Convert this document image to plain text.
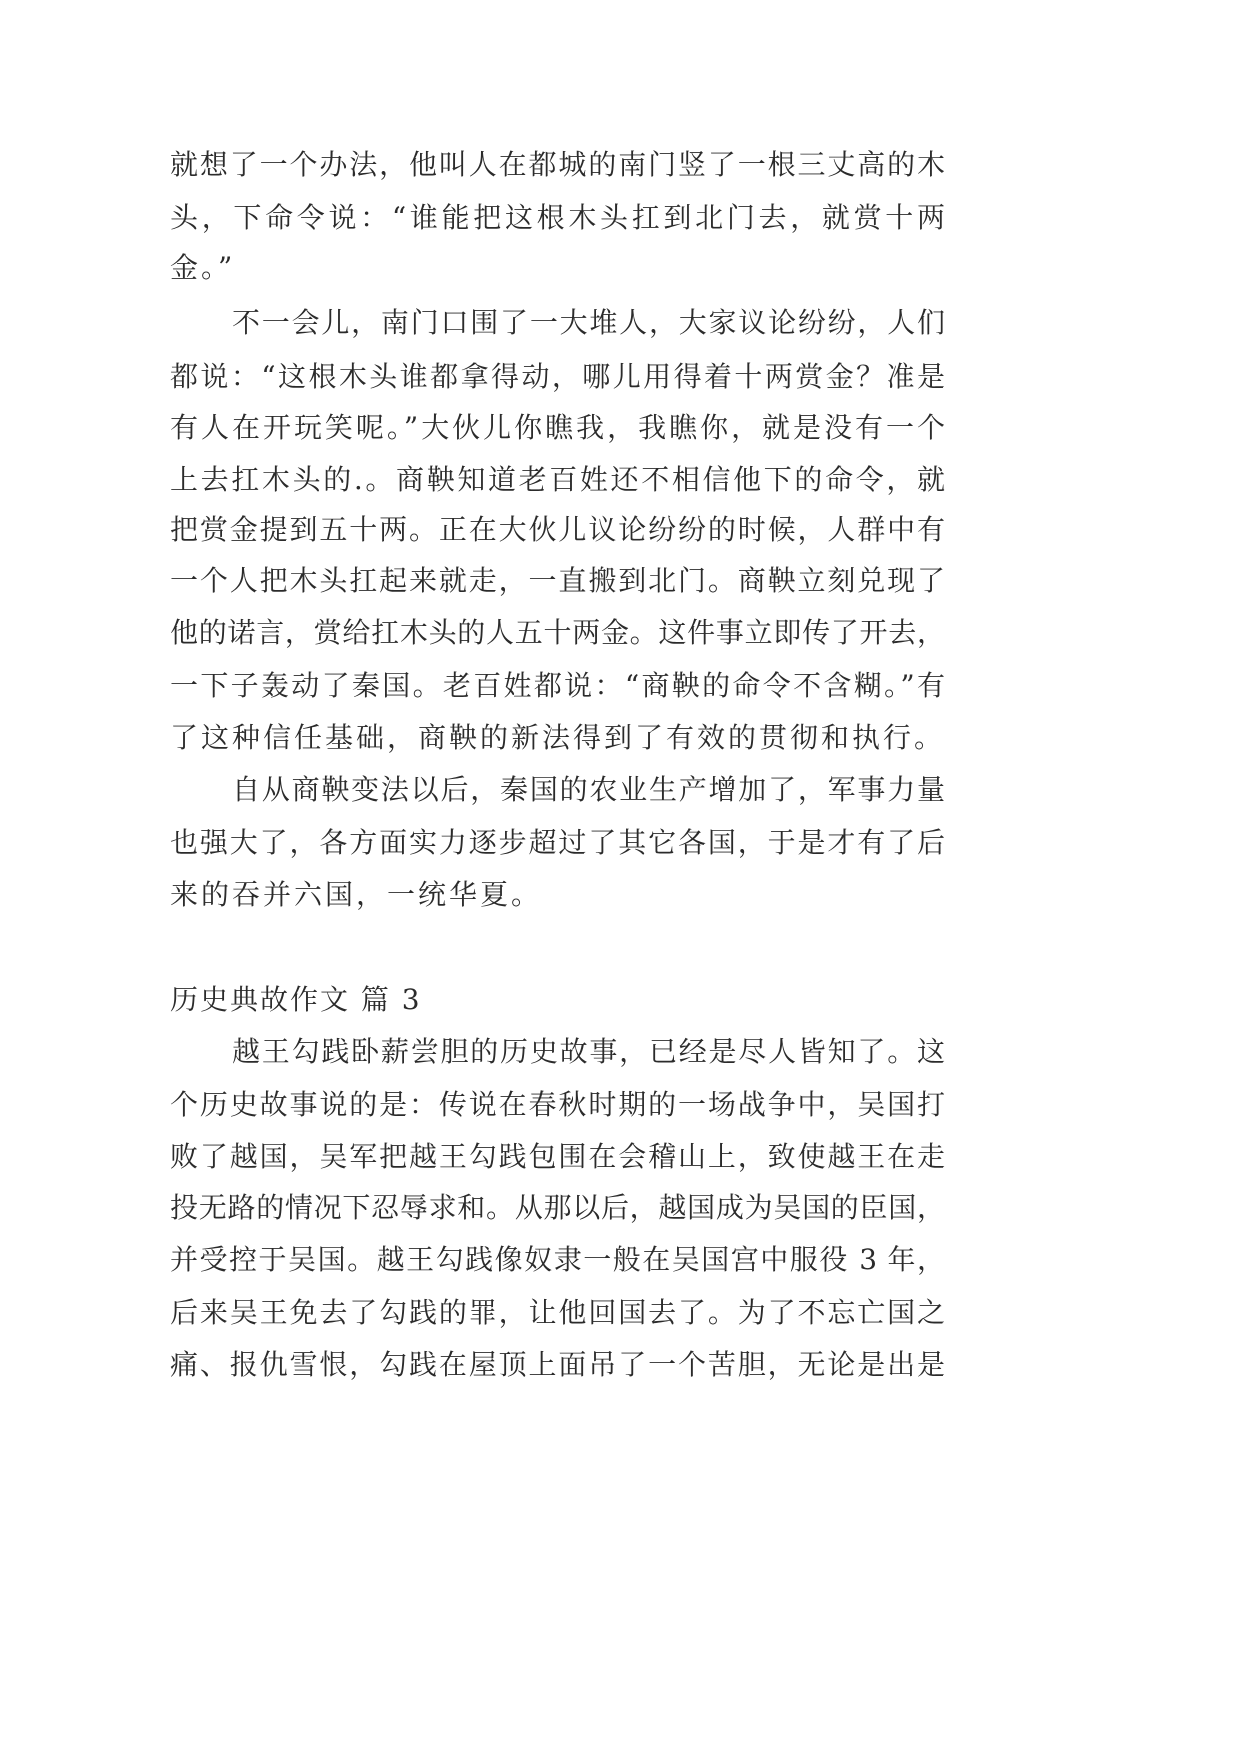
就想了一个办法，他叫人在都城的南门竖了一根三丈高的木
头，下命令说：“谁能把这根木头扛到北门去，就赏十两
金。”
不一会儿，南门口围了一大堆人，大家议论纷纷，人们
都说：“这根木头谁都拿得动，哪儿用得着十两赏金？准是
有人在开玩笑呢。”大伙儿你瞧我，我瞧你，就是没有一个
上去扛木头的.。商鞅知道老百姓还不相信他下的命令，就
把赏金提到五十两。正在大伙儿议论纷纷的时候，人群中有
一个人把木头扛起来就走，一直搬到北门。商鞅立刻兑现了
他的诺言，赏给扛木头的人五十两金。这件事立即传了开去，
一下子轰动了秦国。老百姓都说：“商鞅的命令不含糊。”有
了这种信任基础，商鞅的新法得到了有效的贯彻和执行。
自从商鞅变法以后，秦国的农业生产增加了，军事力量
也强大了，各方面实力逐步超过了其它各国，于是才有了后
来的吞并六国，一统华夏。
历史典故作文 篇 3
越王勾践卧薪尝胆的历史故事，已经是尽人皆知了。这
个历史故事说的是：传说在春秋时期的一场战争中，吴国打
败了越国，吴军把越王勾践包围在会稽山上，致使越王在走
投无路的情况下忍辱求和。从那以后，越国成为吴国的臣国，
并受控于吴国。越王勾践像奴隶一般在吴国宫中服役 3 年，
后来吴王免去了勾践的罪，让他回国去了。为了不忘亡国之
痛、报仇雪恨，勾践在屋顶上面吊了一个苦胆，无论是出是
